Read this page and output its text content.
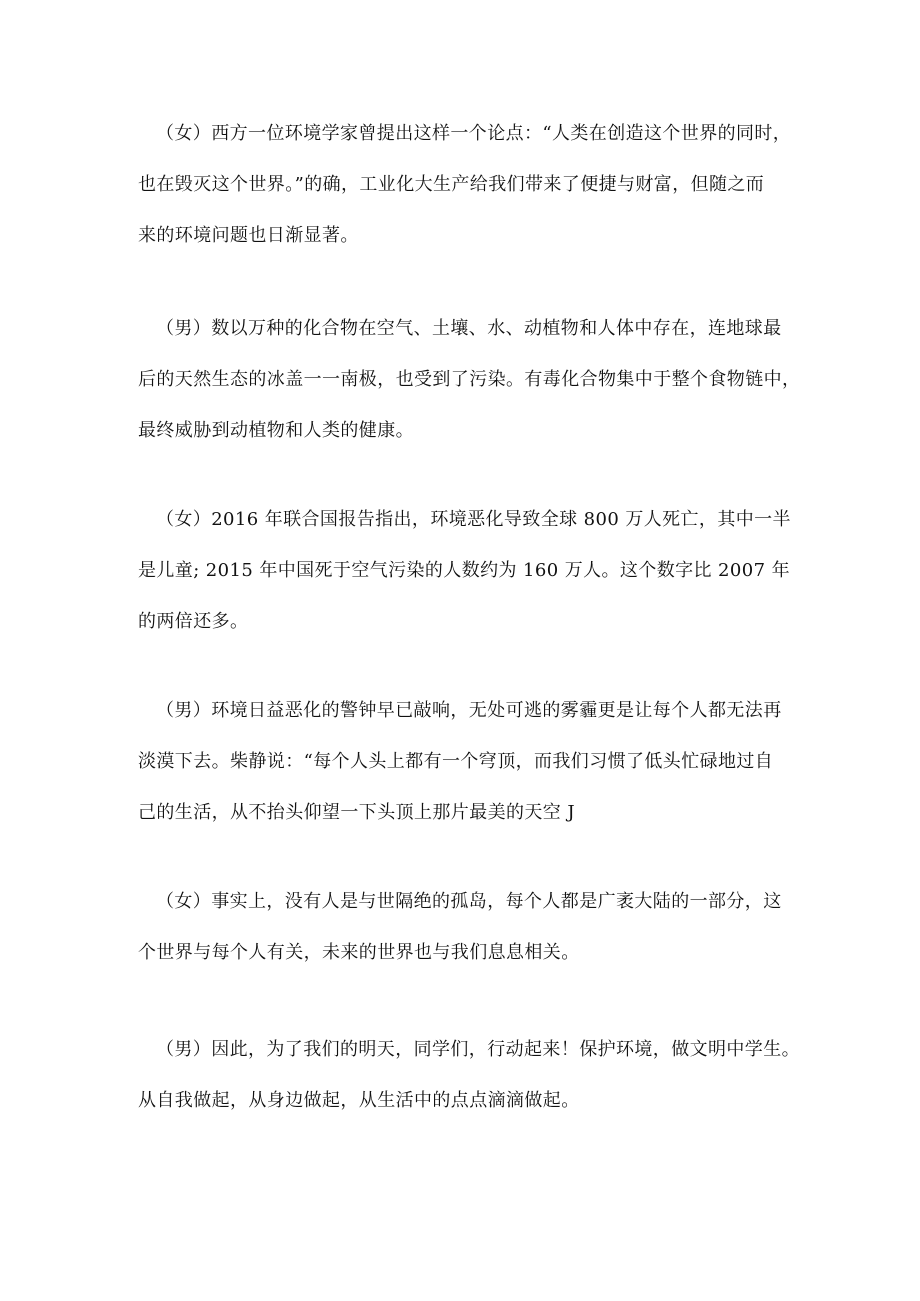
（女）西方一位环境学家曾提出这样一个论点：“人类在创造这个世界的同时，
也在毁灭这个世界。”的确，工业化大生产给我们带来了便捷与财富，但随之而
来的环境问题也日渐显著。
（男）数以万种的化合物在空气、土壤、水、动植物和人体中存在，连地球最
后的天然生态的冰盖一一南极，也受到了污染。有毒化合物集中于整个食物链中，
最终威胁到动植物和人类的健康。
（女）2016 年联合国报告指出，环境恶化导致全球 800 万人死亡，其中一半
是儿童; 2015 年中国死于空气污染的人数约为 160 万人。这个数字比 2007 年
的两倍还多。
（男）环境日益恶化的警钟早已敲响，无处可逃的雾霾更是让每个人都无法再
淡漠下去。柴静说：“每个人头上都有一个穹顶，而我们习惯了低头忙碌地过自
己的生活，从不抬头仰望一下头顶上那片最美的天空 J
（女）事实上，没有人是与世隔绝的孤岛，每个人都是广袤大陆的一部分，这
个世界与每个人有关，未来的世界也与我们息息相关。
（男）因此，为了我们的明天，同学们，行动起来！保护环境，做文明中学生。
从自我做起，从身边做起，从生活中的点点滴滴做起。
